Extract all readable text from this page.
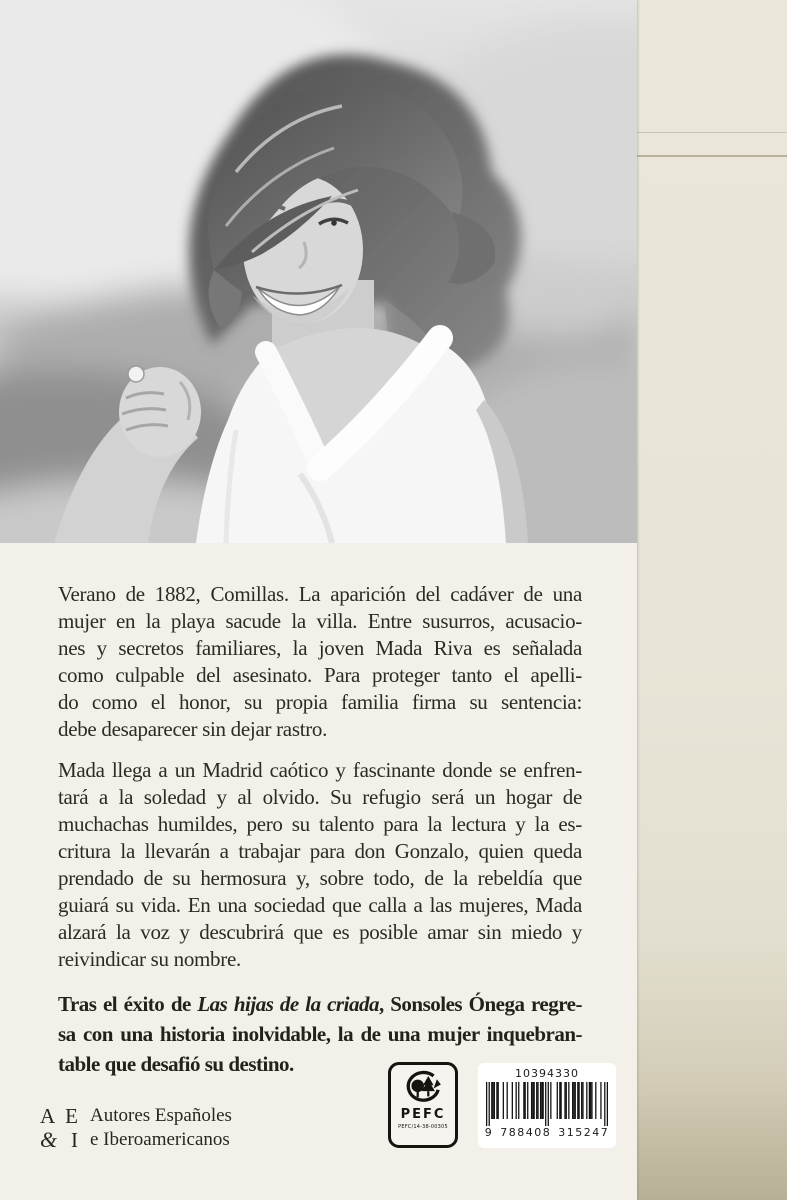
Verano de 1882, Comillas. La aparición del cadáver de una
mujer en la playa sacude la villa. Entre susurros, acusacio-
nes y secretos familiares, la joven Mada Riva es señalada
como culpable del asesinato. Para proteger tanto el apelli-
do como el honor, su propia familia firma su sentencia:
debe desaparecer sin dejar rastro.
Mada llega a un Madrid caótico y fascinante donde se enfren-
tará a la soledad y al olvido. Su refugio será un hogar de
muchachas humildes, pero su talento para la lectura y la es-
critura la llevarán a trabajar para don Gonzalo, quien queda
prendado de su hermosura y, sobre todo, de la rebeldía que
guiará su vida. En una sociedad que calla a las mujeres, Mada
alzará la voz y descubrirá que es posible amar sin miedo y
reivindicar su nombre.
Tras el éxito de Las hijas de la criada, Sonsoles Ónega regre-
sa con una historia inolvidable, la de una mujer inquebran-
table que desafió su destino.
A E
& I
Autores Españoles
e Iberoamericanos
PEFC
PEFC/14-38-00305
10394330
9 788408 315247
